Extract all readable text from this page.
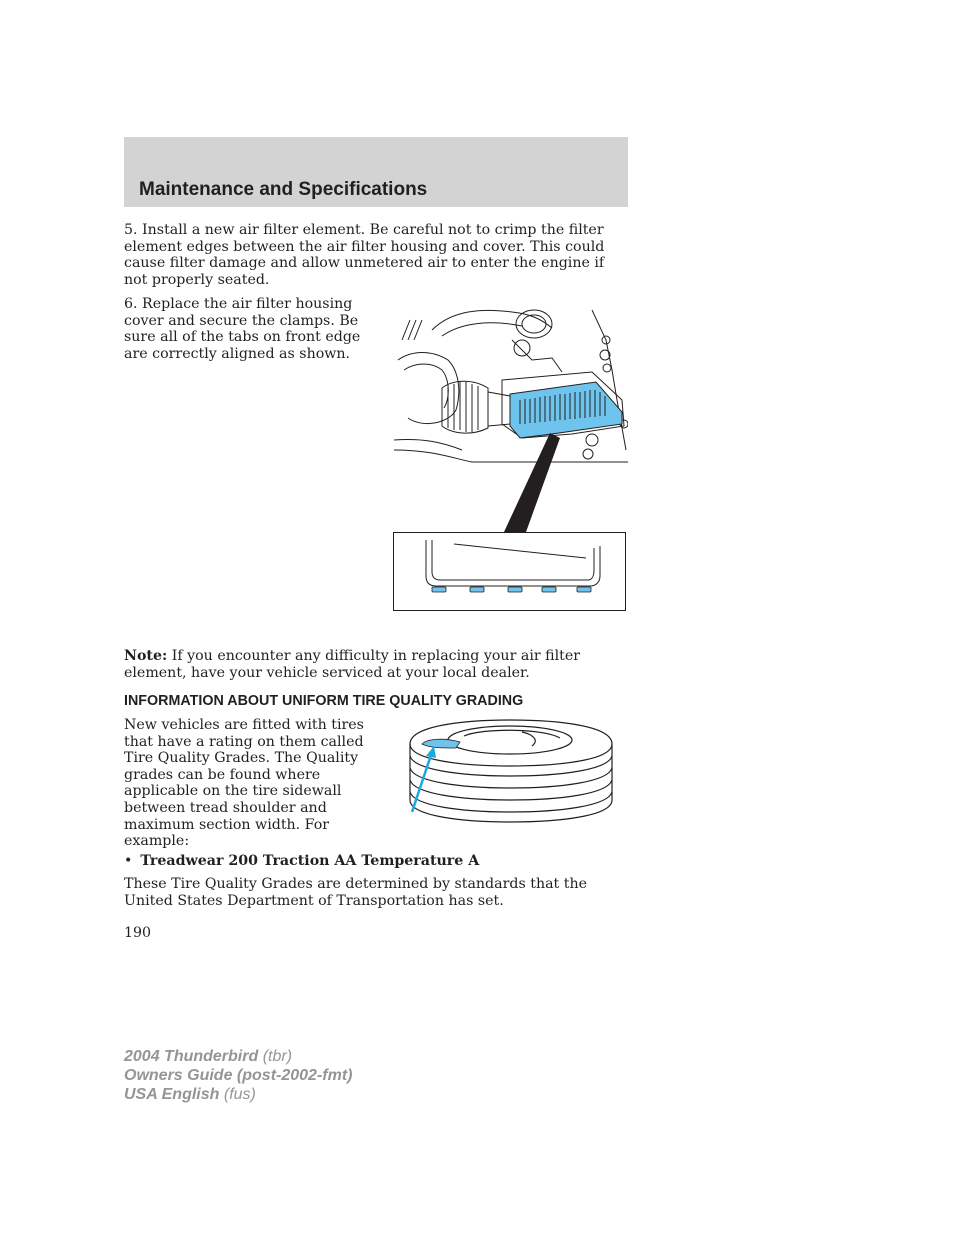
Maintenance and Specifications

5. Install a new air filter element. Be careful not to crimp the filter element edges between the air filter housing and cover. This could cause filter damage and allow unmetered air to enter the engine if not properly seated.

6. Replace the air filter housing cover and secure the clamps. Be sure all of the tabs on front edge are correctly aligned as shown.

Note: If you encounter any difficulty in replacing your air filter element, have your vehicle serviced at your local dealer.

INFORMATION ABOUT UNIFORM TIRE QUALITY GRADING

New vehicles are fitted with tires that have a rating on them called Tire Quality Grades. The Quality grades can be found where applicable on the tire sidewall between tread shoulder and maximum section width. For example:

• Treadwear 200 Traction AA Temperature A

These Tire Quality Grades are determined by standards that the United States Department of Transportation has set.

190
2004 Thunderbird (tbr)
Owners Guide (post-2002-fmt)
USA English (fus)
